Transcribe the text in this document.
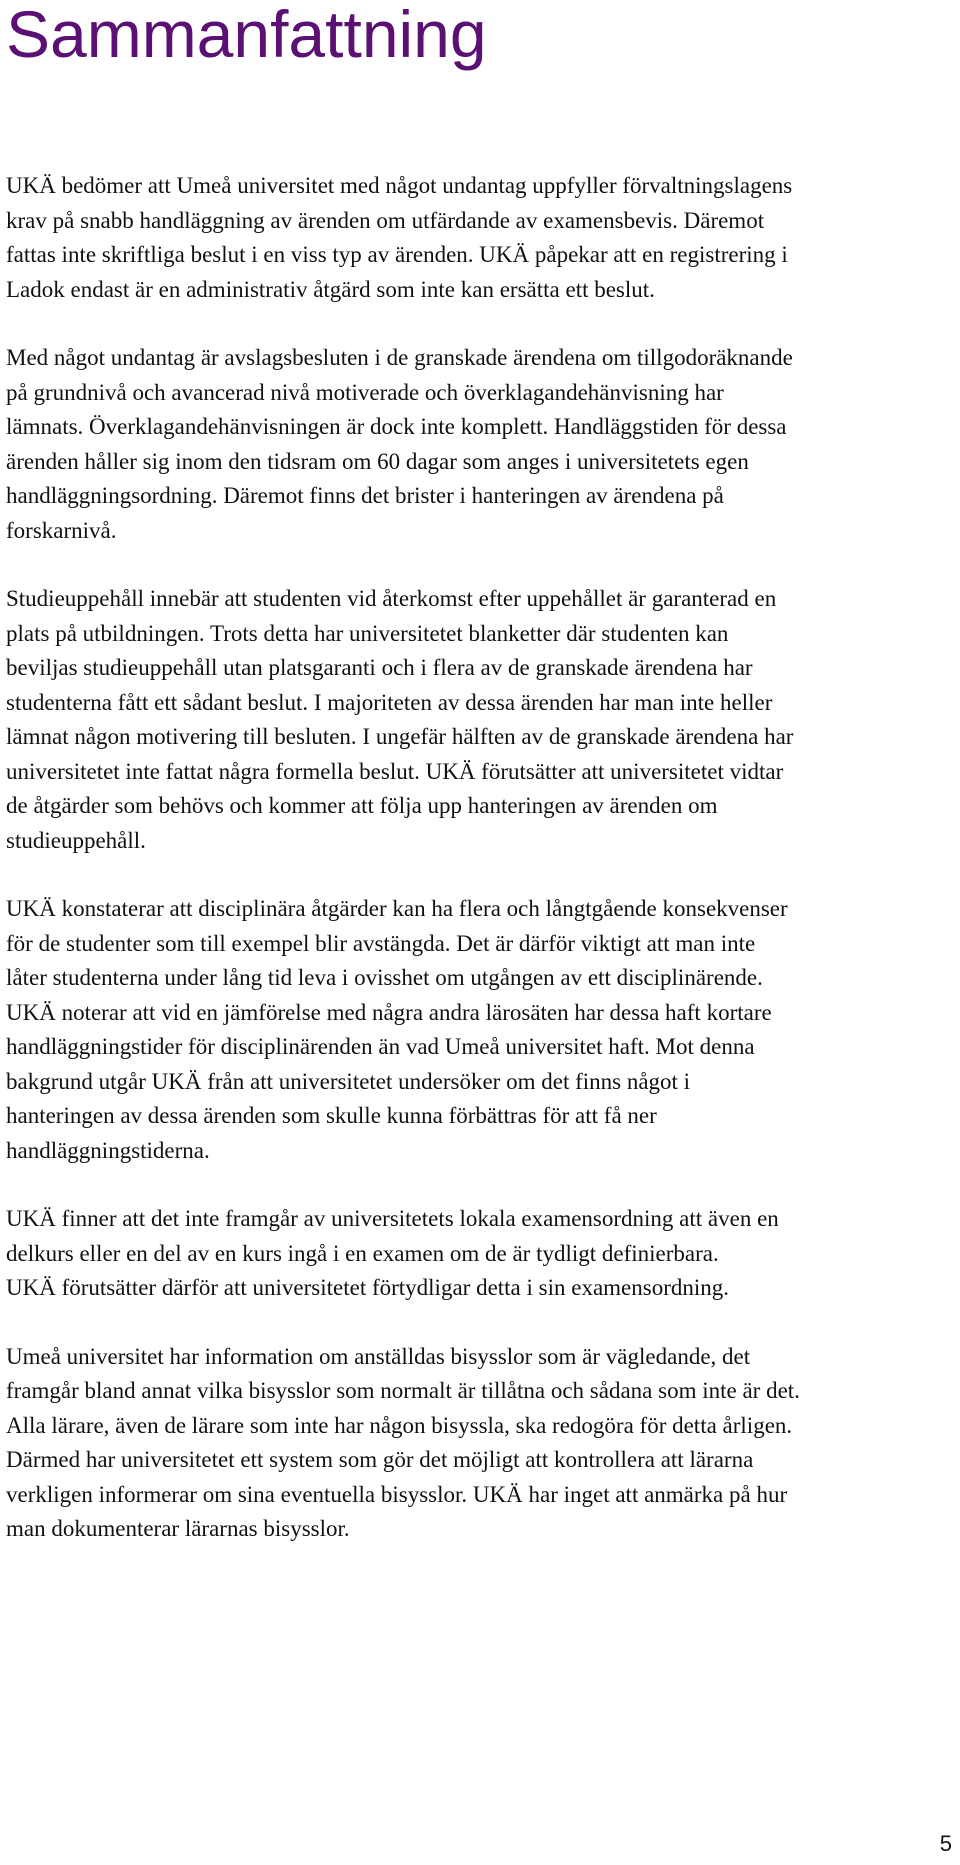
Sammanfattning

UKÄ bedömer att Umeå universitet med något undantag uppfyller förvaltningslagens
krav på snabb handläggning av ärenden om utfärdande av examensbevis. Däremot
fattas inte skriftliga beslut i en viss typ av ärenden. UKÄ påpekar att en registrering i
Ladok endast är en administrativ åtgärd som inte kan ersätta ett beslut.

Med något undantag är avslagsbesluten i de granskade ärendena om tillgodoräknande
på grundnivå och avancerad nivå motiverade och överklagandehänvisning har
lämnats. Överklagandehänvisningen är dock inte komplett. Handläggstiden för dessa
ärenden håller sig inom den tidsram om 60 dagar som anges i universitetets egen
handläggningsordning. Däremot finns det brister i hanteringen av ärendena på
forskarnivå.

Studieuppehåll innebär att studenten vid återkomst efter uppehållet är garanterad en
plats på utbildningen. Trots detta har universitetet blanketter där studenten kan
beviljas studieuppehåll utan platsgaranti och i flera av de granskade ärendena har
studenterna fått ett sådant beslut. I majoriteten av dessa ärenden har man inte heller
lämnat någon motivering till besluten. I ungefär hälften av de granskade ärendena har
universitetet inte fattat några formella beslut. UKÄ förutsätter att universitetet vidtar
de åtgärder som behövs och kommer att följa upp hanteringen av ärenden om
studieuppehåll.

UKÄ konstaterar att disciplinära åtgärder kan ha flera och långtgående konsekvenser
för de studenter som till exempel blir avstängda. Det är därför viktigt att man inte
låter studenterna under lång tid leva i ovisshet om utgången av ett disciplinärende.
UKÄ noterar att vid en jämförelse med några andra lärosäten har dessa haft kortare
handläggningstider för disciplinärenden än vad Umeå universitet haft. Mot denna
bakgrund utgår UKÄ från att universitetet undersöker om det finns något i
hanteringen av dessa ärenden som skulle kunna förbättras för att få ner
handläggningstiderna.

UKÄ finner att det inte framgår av universitetets lokala examensordning att även en
delkurs eller en del av en kurs ingå i en examen om de är tydligt definierbara.
UKÄ förutsätter därför att universitetet förtydligar detta i sin examensordning.

Umeå universitet har information om anställdas bisysslor som är vägledande, det
framgår bland annat vilka bisysslor som normalt är tillåtna och sådana som inte är det.
Alla lärare, även de lärare som inte har någon bisyssla, ska redogöra för detta årligen.
Därmed har universitetet ett system som gör det möjligt att kontrollera att lärarna
verkligen informerar om sina eventuella bisysslor. UKÄ har inget att anmärka på hur
man dokumenterar lärarnas bisysslor.

5
